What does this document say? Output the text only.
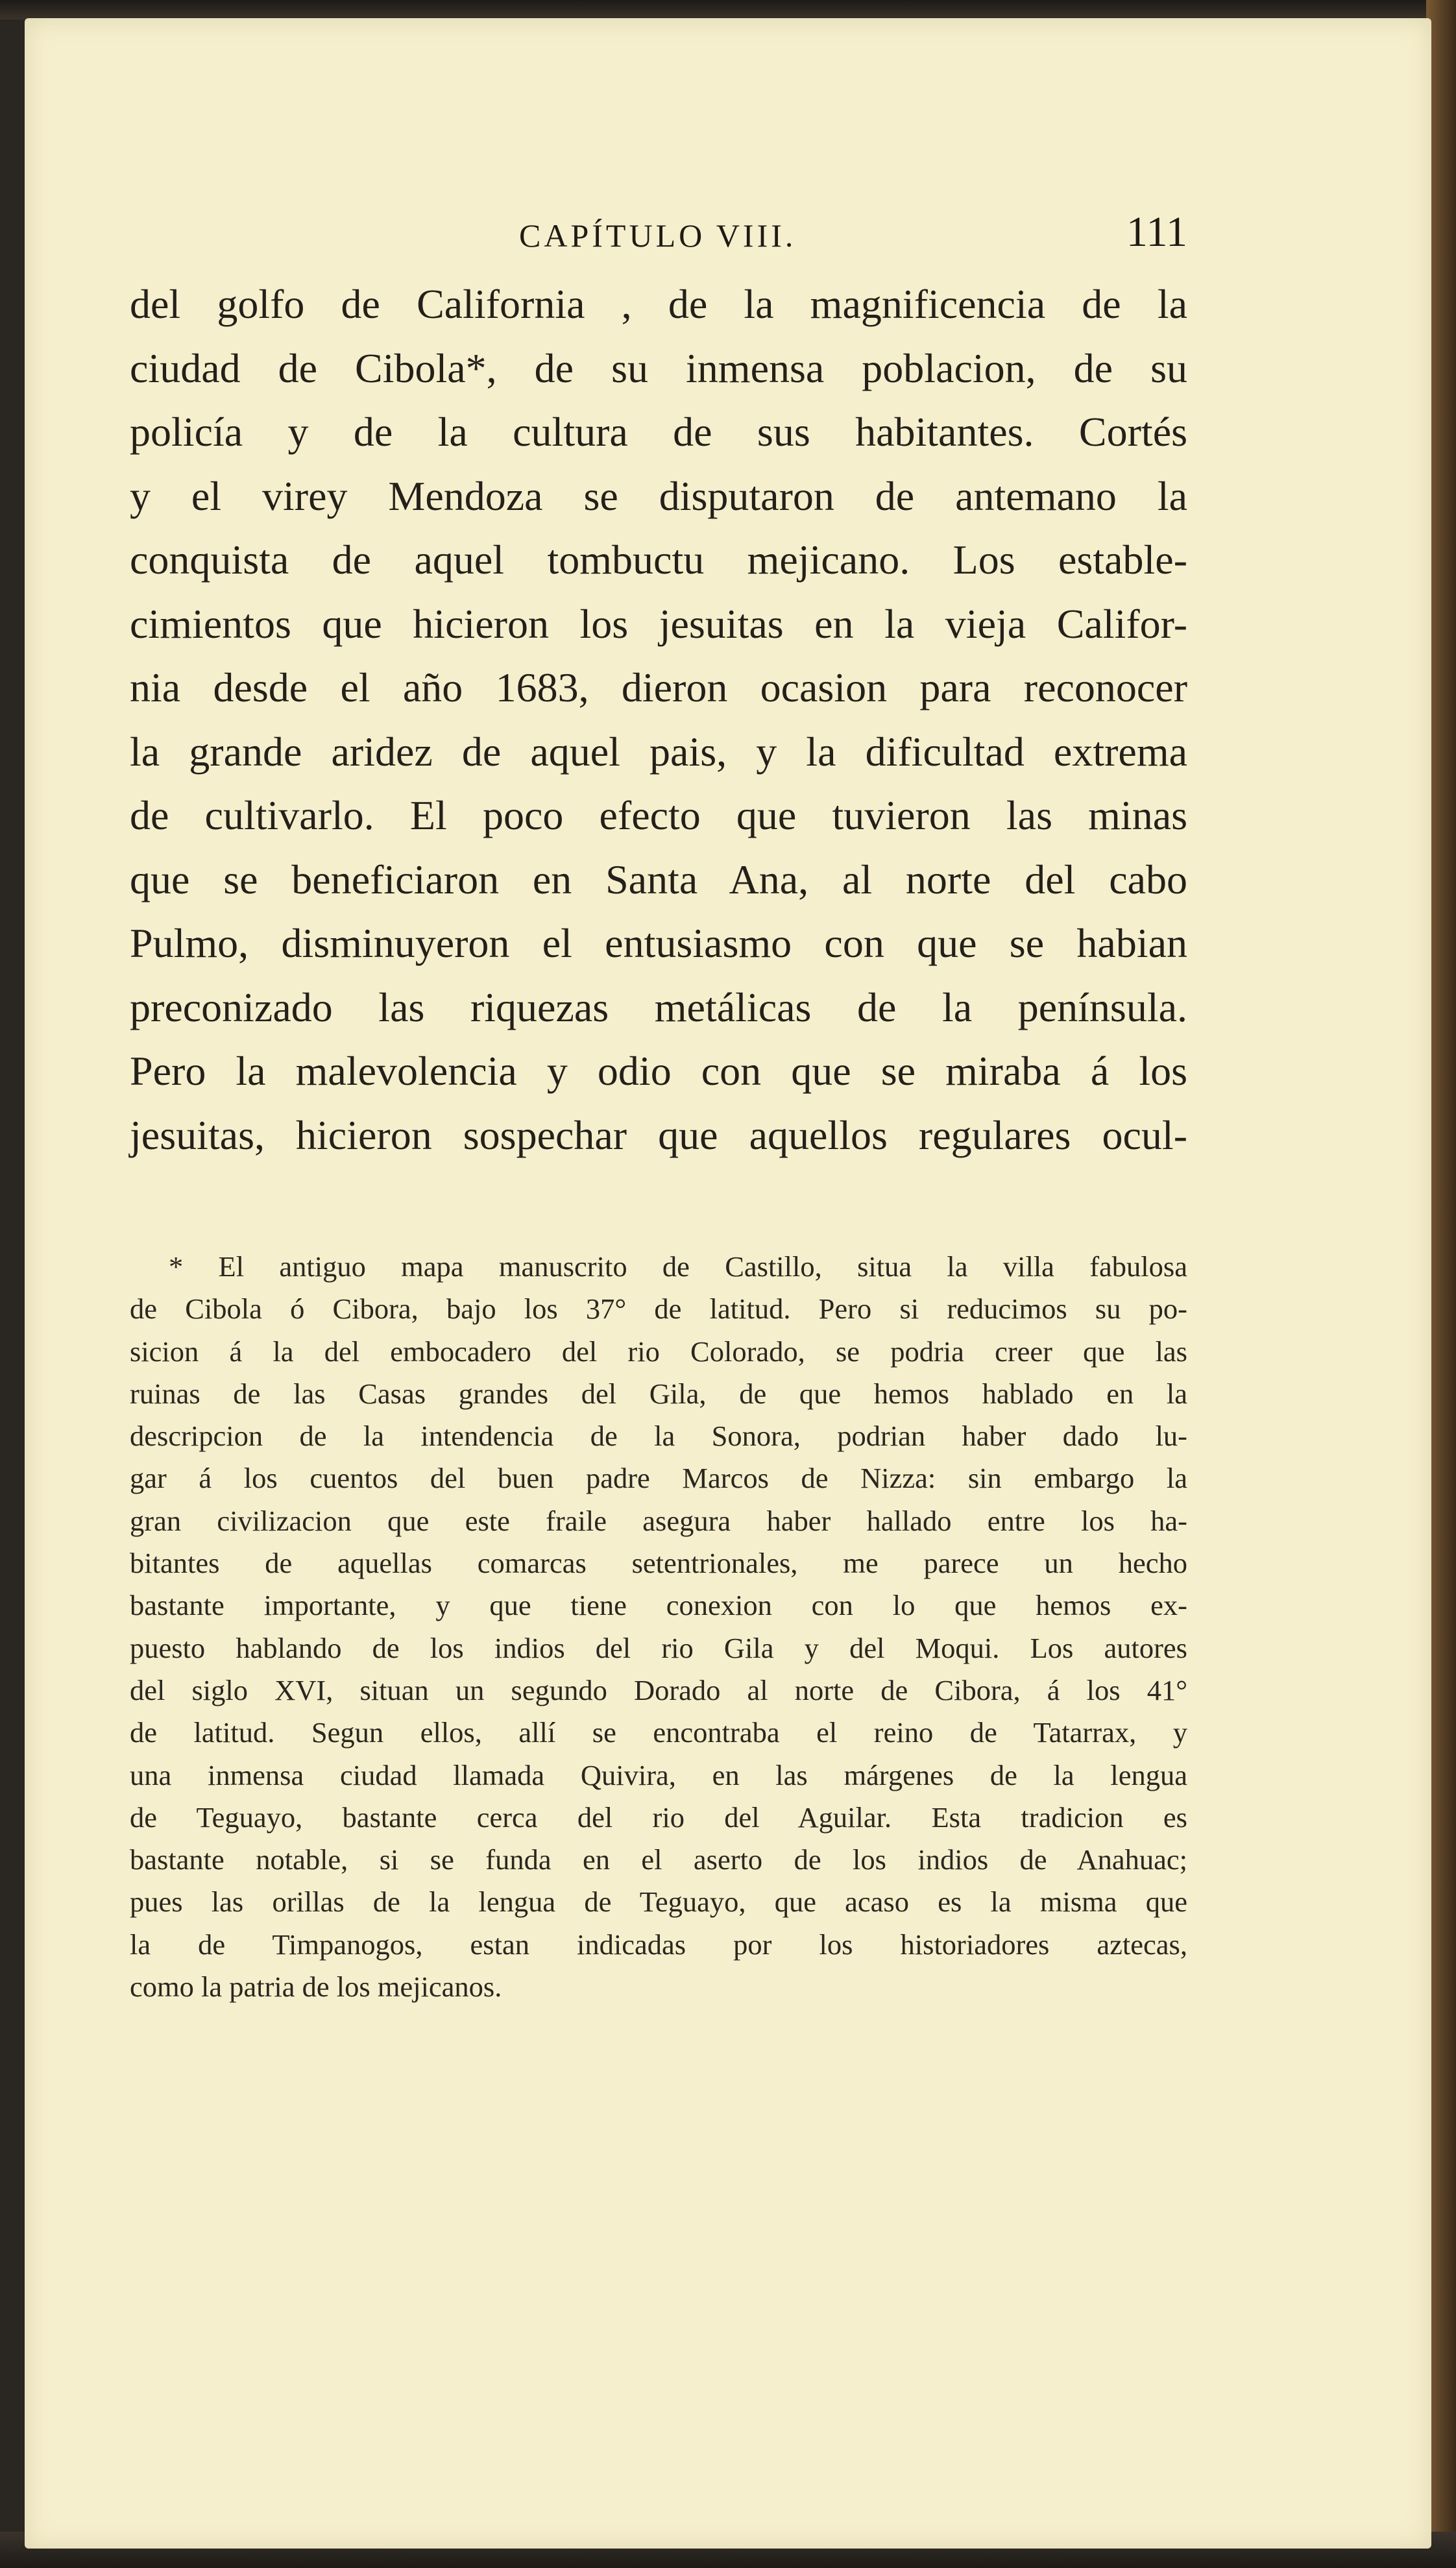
CAPÍTULO VIII.	111
del golfo de California , de la magnificencia de la
ciudad de Cibola*, de su inmensa poblacion, de su
policía y de la cultura de sus habitantes. Cortés
y el virey Mendoza se disputaron de antemano la
conquista de aquel tombuctu mejicano. Los estable-
cimientos que hicieron los jesuitas en la vieja Califor-
nia desde el año 1683, dieron ocasion para reconocer
la grande aridez de aquel pais, y la dificultad extrema
de cultivarlo. El poco efecto que tuvieron las minas
que se beneficiaron en Santa Ana, al norte del cabo
Pulmo, disminuyeron el entusiasmo con que se habian
preconizado las riquezas metálicas de la península.
Pero la malevolencia y odio con que se miraba á los
jesuitas, hicieron sospechar que aquellos regulares ocul-
* El antiguo mapa manuscrito de Castillo, situa la villa fabulosa
de Cibola ó Cibora, bajo los 37° de latitud. Pero si reducimos su po-
sicion á la del embocadero del rio Colorado, se podria creer que las
ruinas de las Casas grandes del Gila, de que hemos hablado en la
descripcion de la intendencia de la Sonora, podrian haber dado lu-
gar á los cuentos del buen padre Marcos de Nizza: sin embargo la
gran civilizacion que este fraile asegura haber hallado entre los ha-
bitantes de aquellas comarcas setentrionales, me parece un hecho
bastante importante, y que tiene conexion con lo que hemos ex-
puesto hablando de los indios del rio Gila y del Moqui. Los autores
del siglo XVI, situan un segundo Dorado al norte de Cibora, á los 41°
de latitud. Segun ellos, allí se encontraba el reino de Tatarrax, y
una inmensa ciudad llamada Quivira, en las márgenes de la lengua
de Teguayo, bastante cerca del rio del Aguilar. Esta tradicion es
bastante notable, si se funda en el aserto de los indios de Anahuac;
pues las orillas de la lengua de Teguayo, que acaso es la misma que
la de Timpanogos, estan indicadas por los historiadores aztecas,
como la patria de los mejicanos.
